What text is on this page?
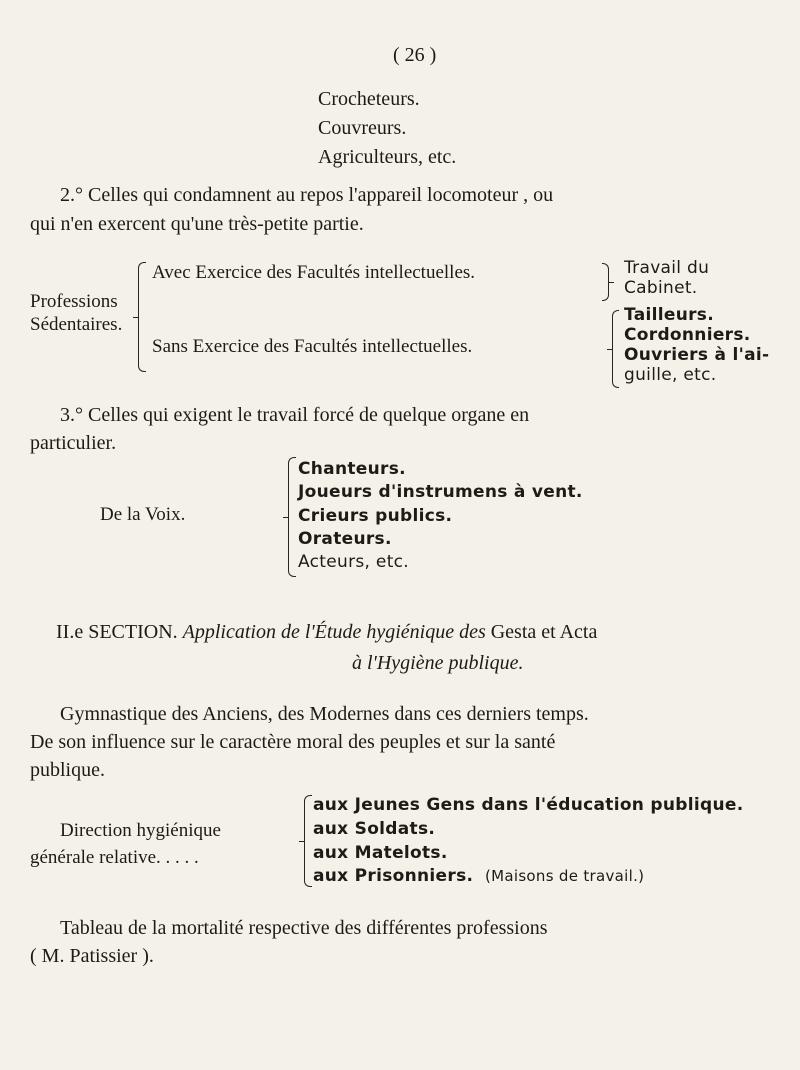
( 26 )
Crocheteurs.
Couvreurs.
Agriculteurs, etc.
2.° Celles qui condamnent au repos l'appareil locomoteur , ou
qui n'en exercent qu'une très-petite partie.
Professions
Sédentaires.
Avec Exercice des Facultés intellectuelles.	Travail du
Cabinet.
Sans Exercice des Facultés intellectuelles.
Tailleurs.
Cordonniers.
Ouvriers à l'ai-
guille, etc.
3.° Celles qui exigent le travail forcé de quelque organe en
particulier.
De la Voix.
Chanteurs.
Joueurs d'instrumens à vent.
Crieurs publics.
Orateurs.
Acteurs, etc.
II.e SECTION. Application de l'Étude hygiénique des Gesta et Acta
à l'Hygiène publique.
Gymnastique des Anciens, des Modernes dans ces derniers temps.
De son influence sur le caractère moral des peuples et sur la santé
publique.
Direction hygiénique
générale relative. . . . .
aux Jeunes Gens dans l'éducation publique.
aux Soldats.
aux Matelots.
aux Prisonniers. (Maisons de travail.)
Tableau de la mortalité respective des différentes professions
( M. Patissier ).
